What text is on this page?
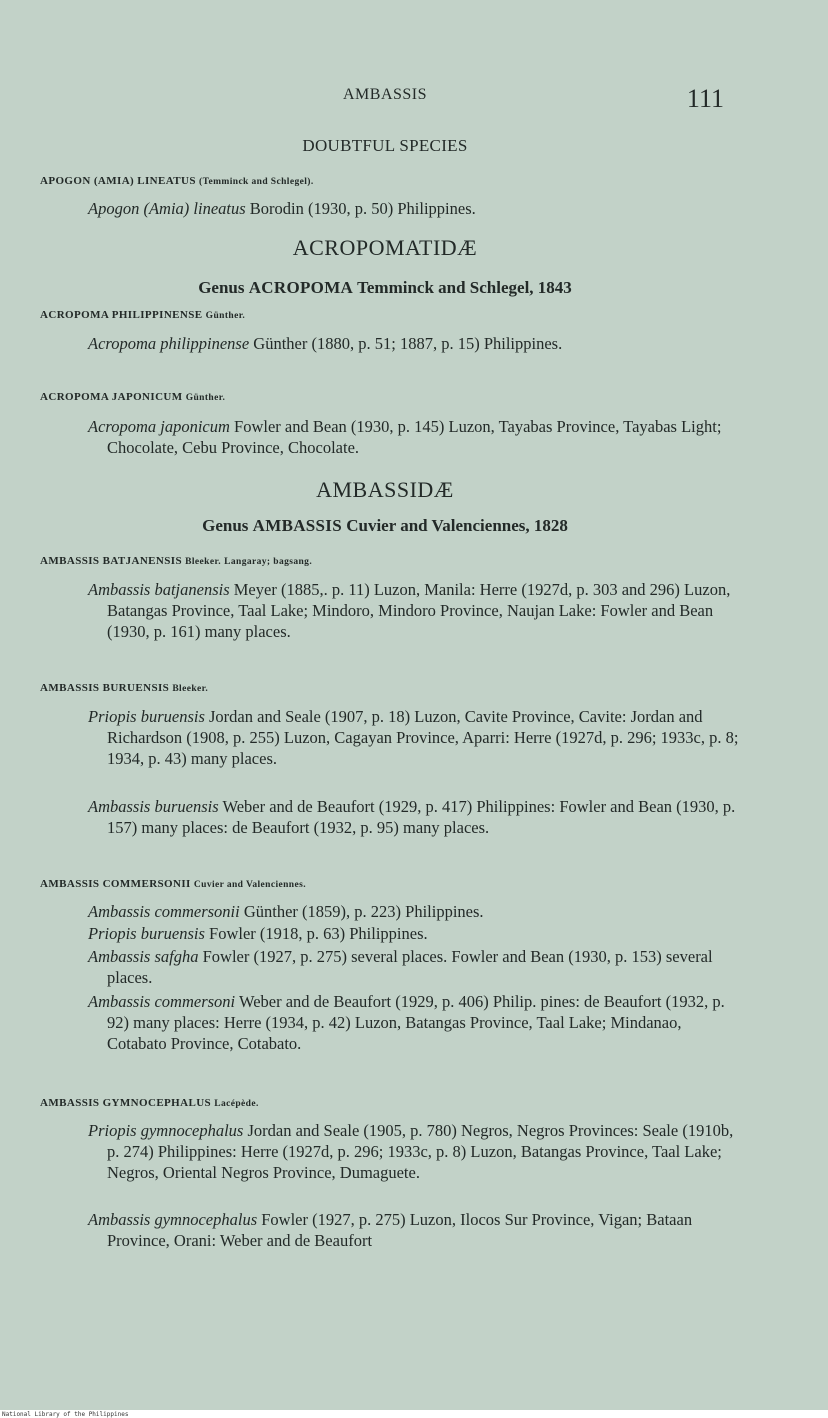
AMBASSIS	111
DOUBTFUL SPECIES
APOGON (AMIA) LINEATUS (Temminck and Schlegel).
Apogon (Amia) lineatus Borodin (1930, p. 50) Philippines.
ACROPOMATIDÆ
Genus ACROPOMA Temminck and Schlegel, 1843
ACROPOMA PHILIPPINENSE Günther.
Acropoma philippinense Günther (1880, p. 51; 1887, p. 15) Philippines.
ACROPOMA JAPONICUM Günther.
Acropoma japonicum Fowler and Bean (1930, p. 145) Luzon, Tayabas Province, Tayabas Light; Chocolate, Cebu Province, Chocolate.
AMBASSIDÆ
Genus AMBASSIS Cuvier and Valenciennes, 1828
AMBASSIS BATJANENSIS Bleeker. Langaray; bagsang.
Ambassis batjanensis Meyer (1885,. p. 11) Luzon, Manila: Herre (1927d, p. 303 and 296) Luzon, Batangas Province, Taal Lake; Mindoro, Mindoro Province, Naujan Lake: Fowler and Bean (1930, p. 161) many places.
AMBASSIS BURUENSIS Bleeker.
Priopis buruensis Jordan and Seale (1907, p. 18) Luzon, Cavite Province, Cavite: Jordan and Richardson (1908, p. 255) Luzon, Cagayan Province, Aparri: Herre (1927d, p. 296; 1933c, p. 8; 1934, p. 43) many places.
Ambassis buruensis Weber and de Beaufort (1929, p. 417) Philippines: Fowler and Bean (1930, p. 157) many places: de Beaufort (1932, p. 95) many places.
AMBASSIS COMMERSONII Cuvier and Valenciennes.
Ambassis commersonii Günther (1859), p. 223) Philippines.
Priopis buruensis Fowler (1918, p. 63) Philippines.
Ambassis safgha Fowler (1927, p. 275) several places. Fowler and Bean (1930, p. 153) several places.
Ambassis commersoni Weber and de Beaufort (1929, p. 406) Philip. pines: de Beaufort (1932, p. 92) many places: Herre (1934, p. 42) Luzon, Batangas Province, Taal Lake; Mindanao, Cotabato Province, Cotabato.
AMBASSIS GYMNOCEPHALUS Lacépède.
Priopis gymnocephalus Jordan and Seale (1905, p. 780) Negros, Negros Provinces: Seale (1910b, p. 274) Philippines: Herre (1927d, p. 296; 1933c, p. 8) Luzon, Batangas Province, Taal Lake; Negros, Oriental Negros Province, Dumaguete.
Ambassis gymnocephalus Fowler (1927, p. 275) Luzon, Ilocos Sur Province, Vigan; Bataan Province, Orani: Weber and de Beaufort
National Library of the Philippines
